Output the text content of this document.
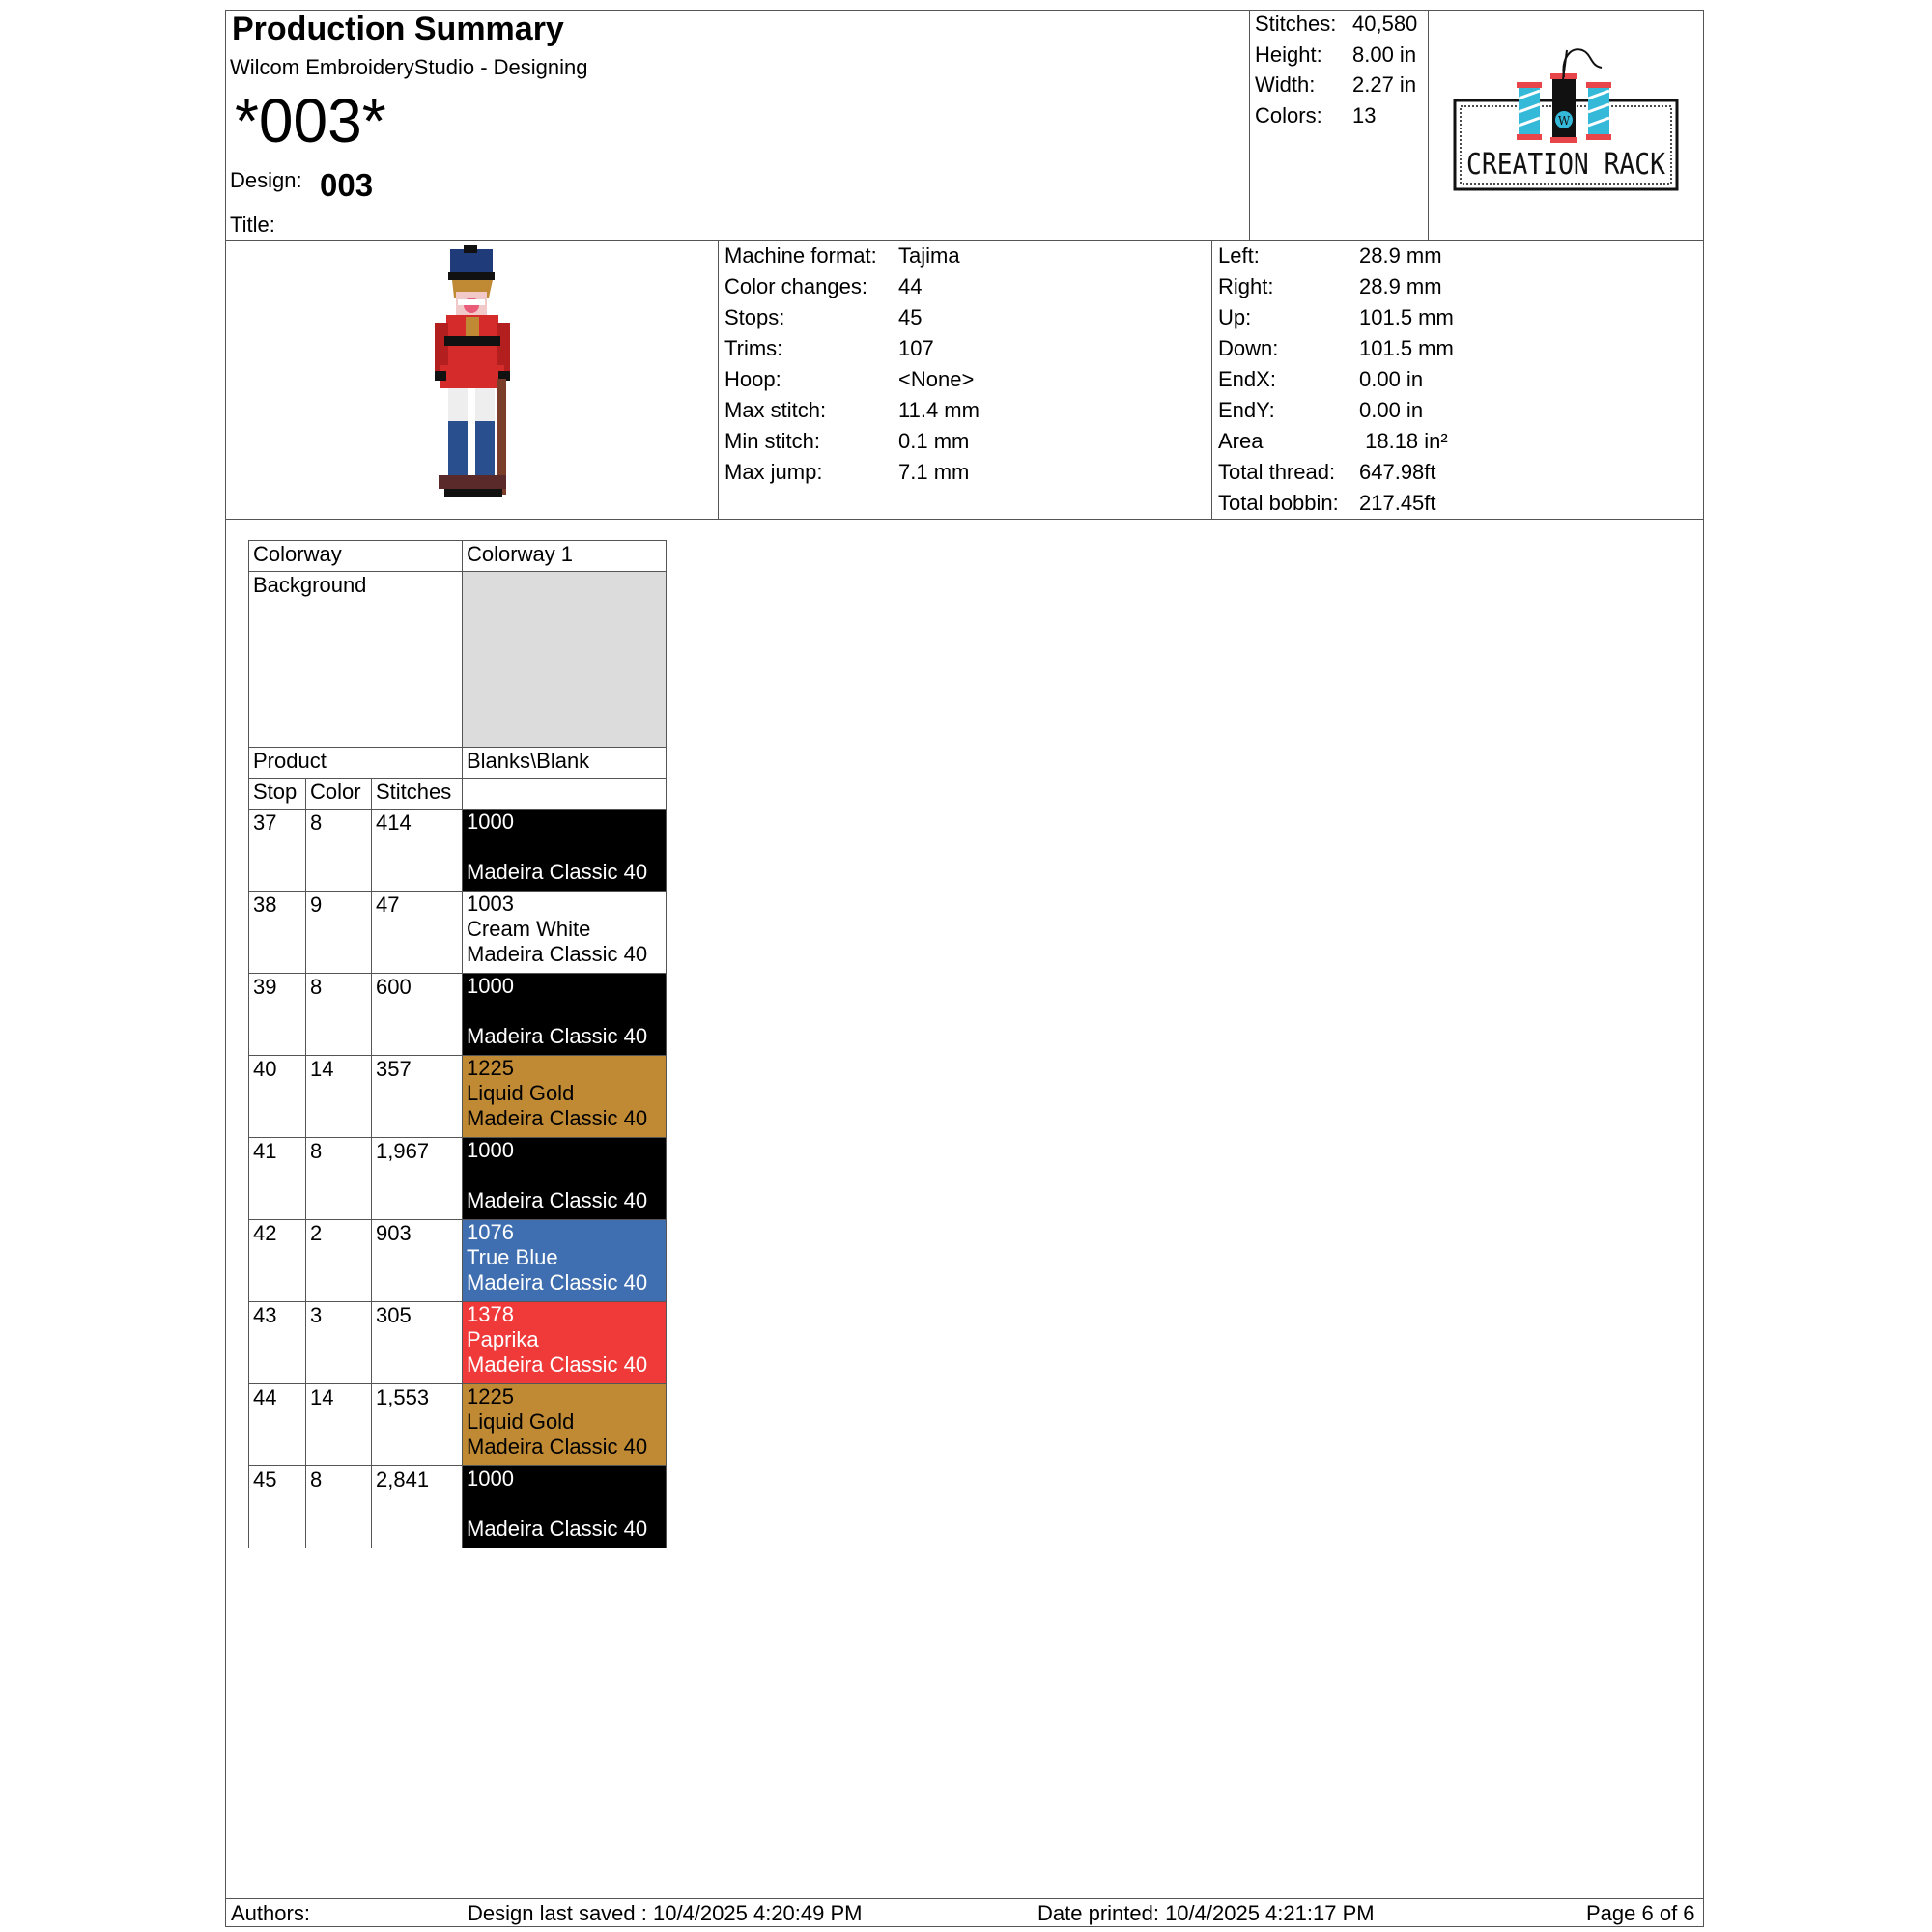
Production Summary
Wilcom EmbroideryStudio - Designing
*003*
Design: 003
Title:
Stitches: 40,580
Height: 8.00 in
Width: 2.27 in
Colors: 13	W
CREATION RACK
Machine format: Tajima
Color changes: 44
Stops:	45
Trims:	107
Hoop:	<None>
Max stitch:	11.4 mm
Min stitch:	0.1 mm
Max jump:	7.1 mm
Left:	28.9 mm
Right:	28.9 mm
Up:	101.5 mm
Down:	101.5 mm
EndX:	0.00 in
EndY:	0.00 in
Area	18.18 in²
Total thread: 647.98ft
Total bobbin: 217.45ft
Colorway			Colorway 1
Background			
Product			Blanks\Blank
Stop	Color	Stitches	
37	8	414	1000
Madeira Classic 40

38	9	47	1003
Cream White
Madeira Classic 40

39	8	600	1000
Madeira Classic 40

40	14	357	1225
Liquid Gold
Madeira Classic 40

41	8	1,967	1000
Madeira Classic 40

42	2	903	1076
True Blue
Madeira Classic 40

43	3	305	1378
Paprika
Madeira Classic 40

44	14	1,553	1225
Liquid Gold
Madeira Classic 40

45	8	2,841	1000
Madeira Classic 40
Authors:	Design last saved : 10/4/2025 4:20:49 PM	Date printed: 10/4/2025 4:21:17 PM	Page 6 of 6
